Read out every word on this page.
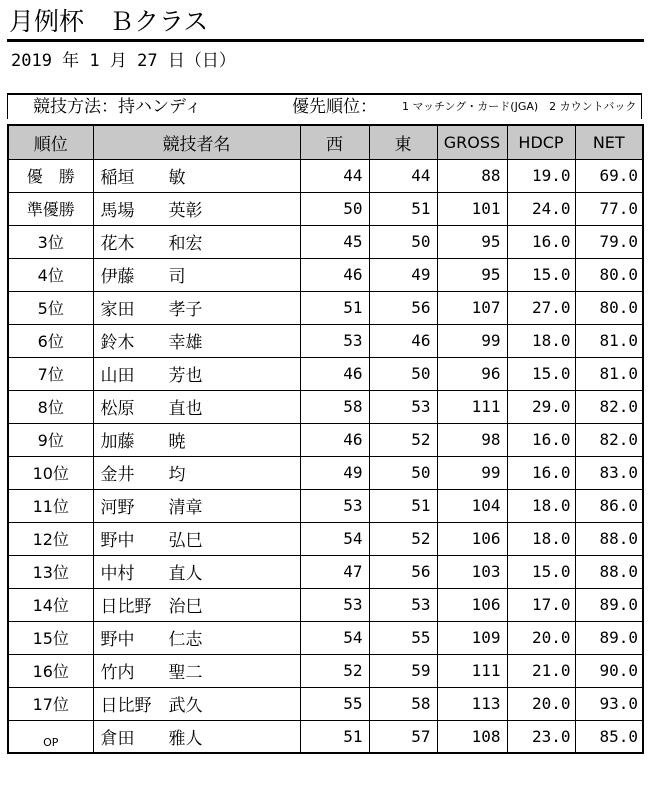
月例杯　Ｂクラス
2019 年 1 月 27 日（日）
競技方法：持ハンディ	優先順位： 1 マッチング・カード(JGA)　2 カウントバック
順位	競技者名	西	東	GROSS	HDCP	NET
優　勝	稲垣　　敏	44	44	88	19.0	69.0
準優勝	馬場　　英彰	50	51	101	24.0	77.0
3位	花木　　和宏	45	50	95	16.0	79.0
4位	伊藤　　司	46	49	95	15.0	80.0
5位	家田　　孝子	51	56	107	27.0	80.0
6位	鈴木　　幸雄	53	46	99	18.0	81.0
7位	山田　　芳也	46	50	96	15.0	81.0
8位	松原　　直也	58	53	111	29.0	82.0
9位	加藤　　暁	46	52	98	16.0	82.0
10位	金井　　均	49	50	99	16.0	83.0
11位	河野　　清章	53	51	104	18.0	86.0
12位	野中　　弘巳	54	52	106	18.0	88.0
13位	中村　　直人	47	56	103	15.0	88.0
14位	日比野　治巳	53	53	106	17.0	89.0
15位	野中　　仁志	54	55	109	20.0	89.0
16位	竹内　　聖二	52	59	111	21.0	90.0
17位	日比野　武久	55	58	113	20.0	93.0
OP	倉田　　雅人	51	57	108	23.0	85.0
